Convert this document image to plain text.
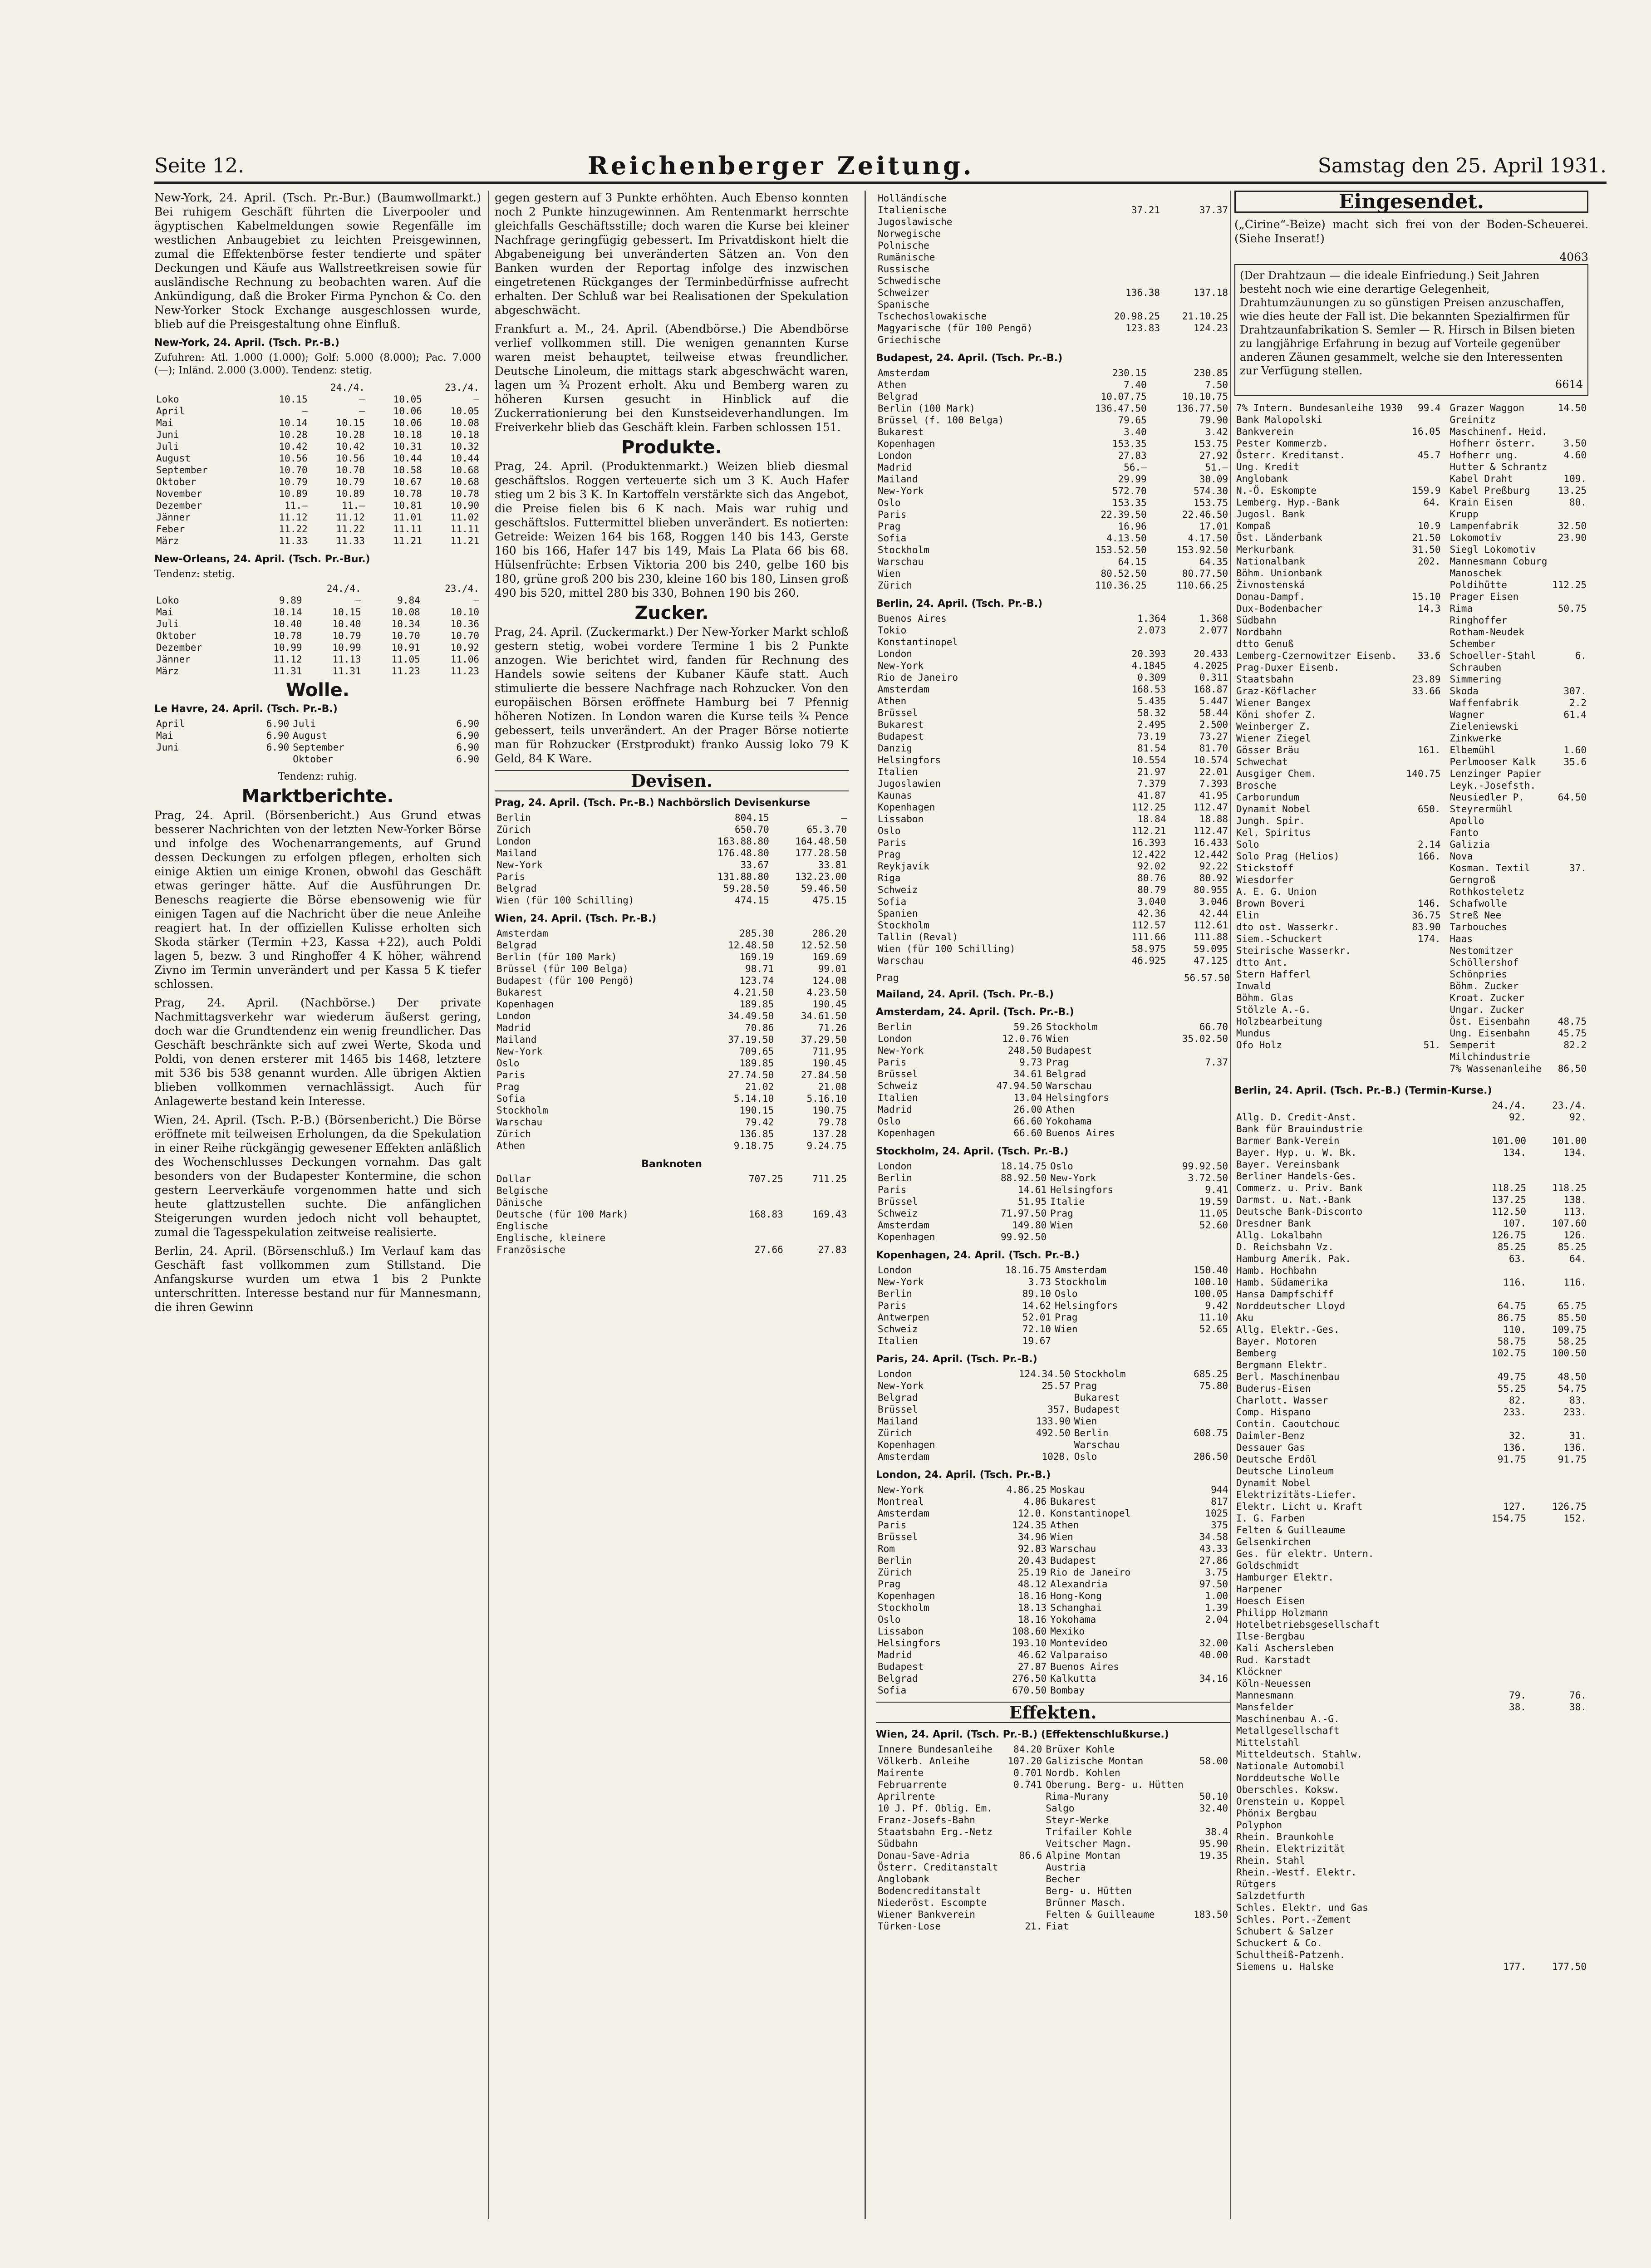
Seite 12.	Reichenberger Zeitung.	Samstag den 25. April 1931.

New-York, 24. April. (Tsch. Pr.-Bur.) (Baumwollmarkt.) Bei ruhigem Geschäft führten die Liverpooler und ägyptischen Kabelmeldungen sowie Regenfälle im westlichen Anbaugebiet zu leichten Preisgewinnen, zumal die Effektenbörse fester tendierte und später Deckungen und Käufe aus Wallstreetkreisen sowie für ausländische Rechnung zu beobachten waren. Auf die Ankündigung, daß die Broker Firma Pynchon & Co. den New-Yorker Stock Exchange ausgeschlossen wurde, blieb auf die Preisgestaltung ohne Einfluß.

New-York, 24. April. (Tsch. Pr.-B.)

Zufuhren: Atl. 1.000 (1.000); Golf: 5.000 (8.000); Pac. 7.000 (—); Inländ. 2.000 (3.000). Tendenz: stetig.

	24./4.		23./4.	
Loko	10.15	—	10.05	—
April	—	—	10.06	10.05
Mai	10.14	10.15	10.06	10.08
Juni	10.28	10.28	10.18	10.18
Juli	10.42	10.42	10.31	10.32
August	10.56	10.56	10.44	10.44
September	10.70	10.70	10.58	10.68
Oktober	10.79	10.79	10.67	10.68
November	10.89	10.89	10.78	10.78
Dezember	11.—	11.—	10.81	10.90
Jänner	11.12	11.12	11.01	11.02
Feber	11.22	11.22	11.11	11.11
März	11.33	11.33	11.21	11.21
New-Orleans, 24. April. (Tsch. Pr.-Bur.)
Tendenz: stetig.
	24./4.		23./4.	
Loko	9.89	—	9.84	—
Mai	10.14	10.15	10.08	10.10
Juli	10.40	10.40	10.34	10.36
Oktober	10.78	10.79	10.70	10.70
Dezember	10.99	10.99	10.91	10.92
Jänner	11.12	11.13	11.05	11.06
März	11.31	11.31	11.23	11.23
Wolle.
Le Havre, 24. April. (Tsch. Pr.-B.)
April	6.90	Juli	6.90
Mai	6.90	August	6.90
Juni	6.90	September	6.90
		Oktober	6.90
Tendenz: ruhig.
Marktberichte.

Prag, 24. April. (Börsenbericht.) Aus Grund etwas besserer Nachrichten von der letzten New-Yorker Börse und infolge des Wochenarrangements, auf Grund dessen Deckungen zu erfolgen pflegen, erholten sich einige Aktien um einige Kronen, obwohl das Geschäft etwas geringer hätte. Auf die Ausführungen Dr. Beneschs reagierte die Börse ebensowenig wie für einigen Tagen auf die Nachricht über die neue Anleihe reagiert hat. In der offiziellen Kulisse erholten sich Skoda stärker (Termin +23, Kassa +22), auch Poldi lagen 5, bezw. 3 und Ringhoffer 4 K höher, während Zivno im Termin unverändert und per Kassa 5 K tiefer schlossen.

Prag, 24. April. (Nachbörse.) Der private Nachmittagsverkehr war wiederum äußerst gering, doch war die Grundtendenz ein wenig freundlicher. Das Geschäft beschränkte sich auf zwei Werte, Skoda und Poldi, von denen ersterer mit 1465 bis 1468, letztere mit 536 bis 538 genannt wurden. Alle übrigen Aktien blieben vollkommen vernachlässigt. Auch für Anlagewerte bestand kein Interesse.

Wien, 24. April. (Tsch. P.-B.) (Börsenbericht.) Die Börse eröffnete mit teilweisen Erholungen, da die Spekulation in einer Reihe rückgängig gewesener Effekten anläßlich des Wochenschlusses Deckungen vornahm. Das galt besonders von der Budapester Kontermine, die schon gestern Leerverkäufe vorgenommen hatte und sich heute glattzustellen suchte. Die anfänglichen Steigerungen wurden jedoch nicht voll behauptet, zumal die Tagesspekulation zeitweise realisierte.

Berlin, 24. April. (Börsenschluß.) Im Verlauf kam das Geschäft fast vollkommen zum Stillstand. Die Anfangskurse wurden um etwa 1 bis 2 Punkte unterschritten. Interesse bestand nur für Mannesmann, die ihren Gewinn

gegen gestern auf 3 Punkte erhöhten. Auch Ebenso konnten noch 2 Punkte hinzugewinnen. Am Rentenmarkt herrschte gleichfalls Geschäftsstille; doch waren die Kurse bei kleiner Nachfrage geringfügig gebessert. Im Privatdiskont hielt die Abgabeneigung bei unveränderten Sätzen an. Von den Banken wurden der Reportag infolge des inzwischen eingetretenen Rückganges der Terminbedürfnisse aufrecht erhalten. Der Schluß war bei Realisationen der Spekulation abgeschwächt.

Frankfurt a. M., 24. April. (Abendbörse.) Die Abendbörse verlief vollkommen still. Die wenigen genannten Kurse waren meist behauptet, teilweise etwas freundlicher. Deutsche Linoleum, die mittags stark abgeschwächt waren, lagen um ¾ Prozent erholt. Aku und Bemberg waren zu höheren Kursen gesucht in Hinblick auf die Zuckerrationierung bei den Kunstseideverhandlungen. Im Freiverkehr blieb das Geschäft klein. Farben schlossen 151.

Produkte.

Prag, 24. April. (Produktenmarkt.) Weizen blieb diesmal geschäftslos. Roggen verteuerte sich um 3 K. Auch Hafer stieg um 2 bis 3 K. In Kartoffeln verstärkte sich das Angebot, die Preise fielen bis 6 K nach. Mais war ruhig und geschäftslos. Futtermittel blieben unverändert. Es notierten: Getreide: Weizen 164 bis 168, Roggen 140 bis 143, Gerste 160 bis 166, Hafer 147 bis 149, Mais La Plata 66 bis 68. Hülsenfrüchte: Erbsen Viktoria 200 bis 240, gelbe 160 bis 180, grüne groß 200 bis 230, kleine 160 bis 180, Linsen groß 490 bis 520, mittel 280 bis 330, Bohnen 190 bis 260.

Zucker.

Prag, 24. April. (Zuckermarkt.) Der New-Yorker Markt schloß gestern stetig, wobei vordere Termine 1 bis 2 Punkte anzogen. Wie berichtet wird, fanden für Rechnung des Handels sowie seitens der Kubaner Käufe statt. Auch stimulierte die bessere Nachfrage nach Rohzucker. Von den europäischen Börsen eröffnete Hamburg bei 7 Pfennig höheren Notizen. In London waren die Kurse teils ¾ Pence gebessert, teils unverändert. An der Prager Börse notierte man für Rohzucker (Erstprodukt) franko Aussig loko 79 K Geld, 84 K Ware.

Devisen.
Prag, 24. April. (Tsch. Pr.-B.) Nachbörslich Devisenkurse
Berlin	804.15	—
Zürich	650.70	65.3.70
London	163.88.80	164.48.50
Mailand	176.48.80	177.28.50
New-York	33.67	33.81
Paris	131.88.80	132.23.00
Belgrad	59.28.50	59.46.50
Wien (für 100 Schilling)	474.15	475.15
Wien, 24. April. (Tsch. Pr.-B.)
Amsterdam	285.30	286.20
Belgrad	12.48.50	12.52.50
Berlin (für 100 Mark)	169.19	169.69
Brüssel (für 100 Belga)	98.71	99.01
Budapest (für 100 Pengö)	123.74	124.08
Bukarest	4.21.50	4.23.50
Kopenhagen	189.85	190.45
London	34.49.50	34.61.50
Madrid	70.86	71.26
Mailand	37.19.50	37.29.50
New-York	709.65	711.95
Oslo	189.85	190.45
Paris	27.74.50	27.84.50
Prag	21.02	21.08
Sofia	5.14.10	5.16.10
Stockholm	190.15	190.75
Warschau	79.42	79.78
Zürich	136.85	137.28
Athen	9.18.75	9.24.75
Banknoten
Dollar	707.25	711.25
Belgische		
Dänische		
Deutsche (für 100 Mark)	168.83	169.43
Englische		
Englische, kleinere		
Französische	27.66	27.83
Holländische		
Italienische	37.21	37.37
Jugoslawische		
Norwegische		
Polnische		
Rumänische		
Russische		
Schwedische		
Schweizer	136.38	137.18
Spanische		
Tschechoslowakische	20.98.25	21.10.25
Magyarische (für 100 Pengö)	123.83	124.23
Griechische		
Budapest, 24. April. (Tsch. Pr.-B.)
Amsterdam	230.15	230.85
Athen	7.40	7.50
Belgrad	10.07.75	10.10.75
Berlin (100 Mark)	136.47.50	136.77.50
Brüssel (f. 100 Belga)	79.65	79.90
Bukarest	3.40	3.42
Kopenhagen	153.35	153.75
London	27.83	27.92
Madrid	56.—	51.—
Mailand	29.99	30.09
New-York	572.70	574.30
Oslo	153.35	153.75
Paris	22.39.50	22.46.50
Prag	16.96	17.01
Sofia	4.13.50	4.17.50
Stockholm	153.52.50	153.92.50
Warschau	64.15	64.35
Wien	80.52.50	80.77.50
Zürich	110.36.25	110.66.25
Berlin, 24. April. (Tsch. Pr.-B.)
Buenos Aires	1.364	1.368
Tokio	2.073	2.077
Konstantinopel		
London	20.393	20.433
New-York	4.1845	4.2025
Rio de Janeiro	0.309	0.311
Amsterdam	168.53	168.87
Athen	5.435	5.447
Brüssel	58.32	58.44
Bukarest	2.495	2.500
Budapest	73.19	73.27
Danzig	81.54	81.70
Helsingfors	10.554	10.574
Italien	21.97	22.01
Jugoslawien	7.379	7.393
Kaunas	41.87	41.95
Kopenhagen	112.25	112.47
Lissabon	18.84	18.88
Oslo	112.21	112.47
Paris	16.393	16.433
Prag	12.422	12.442
Reykjavik	92.02	92.22
Riga	80.76	80.92
Schweiz	80.79	80.955
Sofia	3.040	3.046
Spanien	42.36	42.44
Stockholm	112.57	112.61
Tallin (Reval)	111.66	111.88
Wien (für 100 Schilling)	58.975	59.095
Warschau	46.925	47.125
Prag	56.57.50
Mailand, 24. April. (Tsch. Pr.-B.)
Amsterdam, 24. April. (Tsch. Pr.-B.)
Berlin	59.26	Stockholm	66.70
London	12.0.76	Wien	35.02.50
New-York	248.50	Budapest	
Paris	9.73	Prag	7.37
Brüssel	34.61	Belgrad	
Schweiz	47.94.50	Warschau	
Italien	13.04	Helsingfors	
Madrid	26.00	Athen	
Oslo	66.60	Yokohama	
Kopenhagen	66.60	Buenos Aires	
Stockholm, 24. April. (Tsch. Pr.-B.)
London	18.14.75	Oslo	99.92.50
Berlin	88.92.50	New-York	3.72.50
Paris	14.61	Helsingfors	9.41
Brüssel	51.95	Italie	19.59
Schweiz	71.97.50	Prag	11.05
Amsterdam	149.80	Wien	52.60
Kopenhagen	99.92.50		
Kopenhagen, 24. April. (Tsch. Pr.-B.)
London	18.16.75	Amsterdam	150.40
New-York	3.73	Stockholm	100.10
Berlin	89.10	Oslo	100.05
Paris	14.62	Helsingfors	9.42
Antwerpen	52.01	Prag	11.10
Schweiz	72.10	Wien	52.65
Italien	19.67		
Paris, 24. April. (Tsch. Pr.-B.)
London	124.34.50	Stockholm	685.25
New-York	25.57	Prag	75.80
Belgrad		Bukarest	
Brüssel	357.	Budapest	
Mailand	133.90	Wien	
Zürich	492.50	Berlin	608.75
Kopenhagen		Warschau	
Amsterdam	1028.	Oslo	286.50
London, 24. April. (Tsch. Pr.-B.)
New-York	4.86.25	Moskau	944
Montreal	4.86	Bukarest	817
Amsterdam	12.0.	Konstantinopel	1025
Paris	124.35	Athen	375
Brüssel	34.96	Wien	34.58
Rom	92.83	Warschau	43.33
Berlin	20.43	Budapest	27.86
Zürich	25.19	Rio de Janeiro	3.75
Prag	48.12	Alexandria	97.50
Kopenhagen	18.16	Hong-Kong	1.00
Stockholm	18.13	Schanghai	1.39
Oslo	18.16	Yokohama	2.04
Lissabon	108.60	Mexiko	
Helsingfors	193.10	Montevideo	32.00
Madrid	46.62	Valparaiso	40.00
Budapest	27.87	Buenos Aires	
Belgrad	276.50	Kalkutta	34.16
Sofia	670.50	Bombay	
Effekten.
Wien, 24. April. (Tsch. Pr.-B.) (Effektenschlußkurse.)
Innere Bundesanleihe	84.20	Brüxer Kohle	
Völkerb. Anleihe	107.20	Galizische Montan	58.00
Mairente	0.701	Nordb. Kohlen	
Februarrente	0.741	Oberung. Berg- u. Hütten	
Aprilrente		Rima-Murany	50.10
10 J. Pf. Oblig. Em.		Salgo	32.40
Franz-Josefs-Bahn		Steyr-Werke	
Staatsbahn Erg.-Netz		Trifailer Kohle	38.4
Südbahn		Veitscher Magn.	95.90
Donau-Save-Adria	86.6	Alpine Montan	19.35
Österr. Creditanstalt		Austria	
Anglobank		Becher	
Bodencreditanstalt		Berg- u. Hütten	
Niederöst. Escompte		Brünner Masch.	
Wiener Bankverein		Felten & Guilleaume	183.50
Türken-Lose	21.	Fiat	
Eingesendet.

(„Cirine“-Beize) macht sich frei von der Boden-Scheuerei. (Siehe Inserat!)

4063
(Der Drahtzaun — die ideale Einfriedung.) Seit Jahren besteht noch wie eine derartige Gelegenheit, Drahtumzäunungen zu so günstigen Preisen anzuschaffen, wie dies heute der Fall ist. Die bekannten Spezialfirmen für Drahtzaunfabrikation S. Semler — R. Hirsch in Bilsen bieten zu langjährige Erfahrung in bezug auf Vorteile gegenüber anderen Zäunen gesammelt, welche sie den Interessenten zur Verfügung stellen.
6614
7% Intern. Bundesanleihe 1930	99.4
Bank Malopolski	
Bankverein	16.05
Pester Kommerzb.	
Österr. Kreditanst.	45.7
Ung. Kredit	
Anglobank	
N.-Ö. Eskompte	159.9
Lemberg. Hyp.-Bank	64.
Jugosl. Bank	
Kompaß	10.9
Öst. Länderbank	21.50
Merkurbank	31.50
Nationalbank	202.
Böhm. Unionbank	
Živnostenská	
Donau-Dampf.	15.10
Dux-Bodenbacher	14.3
Südbahn	
Nordbahn	
dtto Genuß	
Lemberg-Czernowitzer Eisenb.	33.6
Prag-Duxer Eisenb.	
Staatsbahn	23.89
Graz-Köflacher	33.66
Wiener Bangex	
Köni shofer Z.	
Weinberger Z.	
Wiener Ziegel	
Gösser Bräu	161.
Schwechat	
Ausgiger Chem.	140.75
Brosche	
Carborundum	
Dynamit Nobel	650.
Jungh. Spir.	
Kel. Spiritus	
Solo	2.14
Solo Prag (Helios)	166.
Stickstoff	
Wiesdorfer	
A. E. G. Union	
Brown Boveri	146.
Elin	36.75
dto ost. Wasserkr.	83.90
Siem.-Schuckert	174.
Steirische Wasserkr.	
dtto Ant.	
Stern Hafferl	
Inwald	
Böhm. Glas	
Stölzle A.-G.	
Holzbearbeitung	
Mundus	
Ofo Holz	51.
Grazer Waggon	14.50
Greinitz	
Maschinenf. Heid.	
Hofherr österr.	3.50
Hofherr ung.	4.60
Hutter & Schrantz	
Kabel Draht	109.
Kabel Preßburg	13.25
Krain Eisen	80.
Krupp	
Lampenfabrik	32.50
Lokomotiv	23.90
Siegl Lokomotiv	
Mannesmann Coburg	
Manoschek	
Poldihütte	112.25
Prager Eisen	
Rima	50.75
Ringhoffer	
Rotham-Neudek	
Schember	
Schoeller-Stahl	6.
Schrauben	
Simmering	
Skoda	307.
Waffenfabrik	2.2
Wagner	61.4
Zieleniewski	
Zinkwerke	
Elbemühl	1.60
Perlmooser Kalk	35.6
Lenzinger Papier	
Leyk.-Josefsth.	
Neusiedler P.	64.50
Steyrermühl	
Apollo	
Fanto	
Galizia	
Nova	
Kosman. Textil	37.
Gerngroß	
Rothkosteletz	
Schafwolle	
Streß Nee	
Tarbouches	
Haas	
Nestomitzer	
Schöllershof	
Schönpries	
Böhm. Zucker	
Kroat. Zucker	
Ungar. Zucker	
Öst. Eisenbahn	48.75
Ung. Eisenbahn	45.75
Semperit	82.2
Milchindustrie	
7% Wassenanleihe	86.50
Berlin, 24. April. (Tsch. Pr.-B.) (Termin-Kurse.)
	24./4.	23./4.
Allg. D. Credit-Anst.	92.	92.
Bank für Brauindustrie		
Barmer Bank-Verein	101.00	101.00
Bayer. Hyp. u. W. Bk.	134.	134.
Bayer. Vereinsbank		
Berliner Handels-Ges.		
Commerz. u. Priv. Bank	118.25	118.25
Darmst. u. Nat.-Bank	137.25	138.
Deutsche Bank-Disconto	112.50	113.
Dresdner Bank	107.	107.60
Allg. Lokalbahn	126.75	126.
D. Reichsbahn Vz.	85.25	85.25
Hamburg Amerik. Pak.	63.	64.
Hamb. Hochbahn		
Hamb. Südamerika	116.	116.
Hansa Dampfschiff		
Norddeutscher Lloyd	64.75	65.75
Aku	86.75	85.50
Allg. Elektr.-Ges.	110.	109.75
Bayer. Motoren	58.75	58.25
Bemberg	102.75	100.50
Bergmann Elektr.		
Berl. Maschinenbau	49.75	48.50
Buderus-Eisen	55.25	54.75
Charlott. Wasser	82.	83.
Comp. Hispano	233.	233.
Contin. Caoutchouc		
Daimler-Benz	32.	31.
Dessauer Gas	136.	136.
Deutsche Erdöl	91.75	91.75
Deutsche Linoleum		
Dynamit Nobel		
Elektrizitäts-Liefer.		
Elektr. Licht u. Kraft	127.	126.75
I. G. Farben	154.75	152.
Felten & Guilleaume		
Gelsenkirchen		
Ges. für elektr. Untern.		
Goldschmidt		
Hamburger Elektr.		
Harpener		
Hoesch Eisen		
Philipp Holzmann		
Hotelbetriebsgesellschaft		
Ilse-Bergbau		
Kali Aschersleben		
Rud. Karstadt		
Klöckner		
Köln-Neuessen		
Mannesmann	79.	76.
Mansfelder	38.	38.
Maschinenbau A.-G.		
Metallgesellschaft		
Mittelstahl		
Mitteldeutsch. Stahlw.		
Nationale Automobil		
Norddeutsche Wolle		
Oberschles. Koksw.		
Orenstein u. Koppel		
Phönix Bergbau		
Polyphon		
Rhein. Braunkohle		
Rhein. Elektrizität		
Rhein. Stahl		
Rhein.-Westf. Elektr.		
Rütgers		
Salzdetfurth		
Schles. Elektr. und Gas		
Schles. Port.-Zement		
Schubert & Salzer		
Schuckert & Co.		
Schultheiß-Patzenh.		
Siemens u. Halske	177.	177.50
